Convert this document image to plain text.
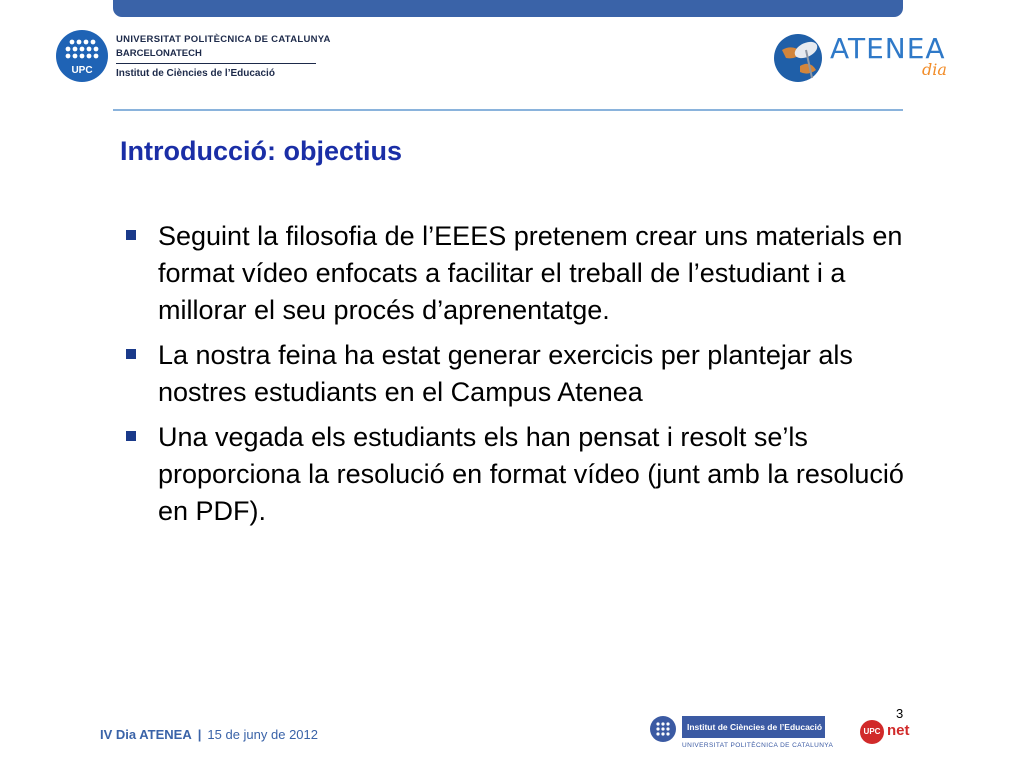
UPC
UNIVERSITAT POLITÈCNICA DE CATALUNYA
BARCELONATECH
Institut de Ciències de l’Educació
ATENEA
dia
Introducció: objectius
Seguint la filosofia de l’EEES pretenem crear uns materials en format vídeo enfocats a facilitar el treball de l’estudiant i a millorar el seu procés d’aprenentatge.
La nostra feina ha estat generar exercicis per plantejar als nostres estudiants en el Campus Atenea
Una vegada els estudiants els han pensat i resolt se’ls proporciona la resolució en format vídeo (junt amb la resolució en PDF).
3
IV Dia ATENEA | 15 de juny de 2012	Institut de Ciències de l’Educació
UNIVERSITAT POLITÈCNICA DE CATALUNYA
UPC net
